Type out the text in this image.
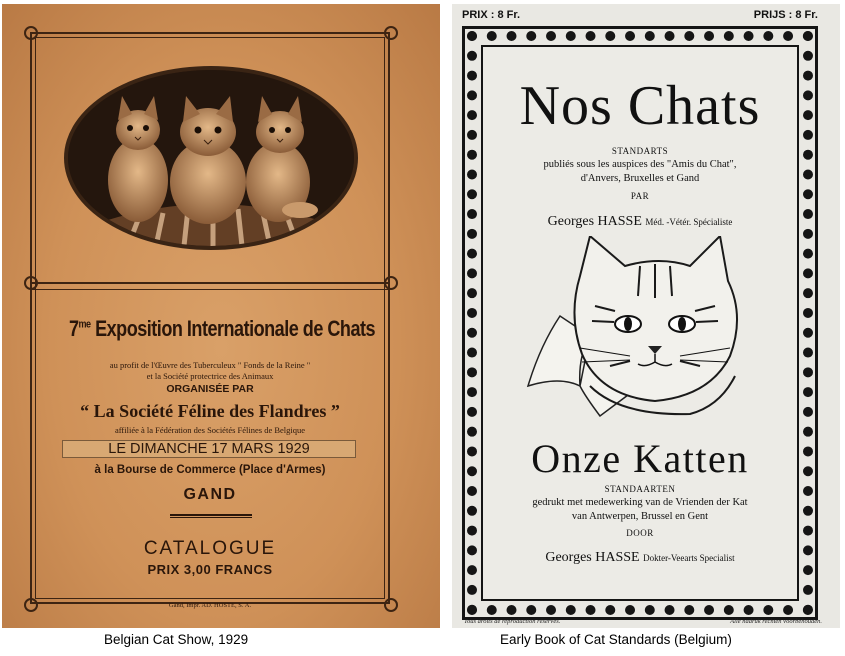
$7^{me}$ Exposition Internationale de Chats
au profit de l'Œuvre des Tuberculeux " Fonds de la Reine "
et la Société protectrice des Animaux
ORGANISÉE PAR
“ La Société Féline des Flandres ”
affiliée à la Fédération des Sociétés Félines de Belgique
LE DIMANCHE 17 MARS 1929
à la Bourse de Commerce (Place d'Armes)
GAND
CATALOGUE
PRIX 3,00 FRANCS
Gand, Impr. AD. HOSTE, S. A.
PRIX : 8 Fr.	PRIJS : 8 Fr.
Nos Chats
STANDARTS
publiés sous les auspices des "Amis du Chat",
d'Anvers, Bruxelles et Gand
PAR
Georges HASSE Méd. -Vétér. Spécialiste
Onze Katten
STANDAARTEN
gedrukt met medewerking van de Vrienden der Kat
van Antwerpen, Brussel en Gent
DOOR
Georges HASSE Dokter-Veearts Specialist
Tous droits de reproduction réservés.	Alle nadruk rechten voorbehouden.
Belgian Cat Show, 1929	Early Book of Cat Standards (Belgium)
